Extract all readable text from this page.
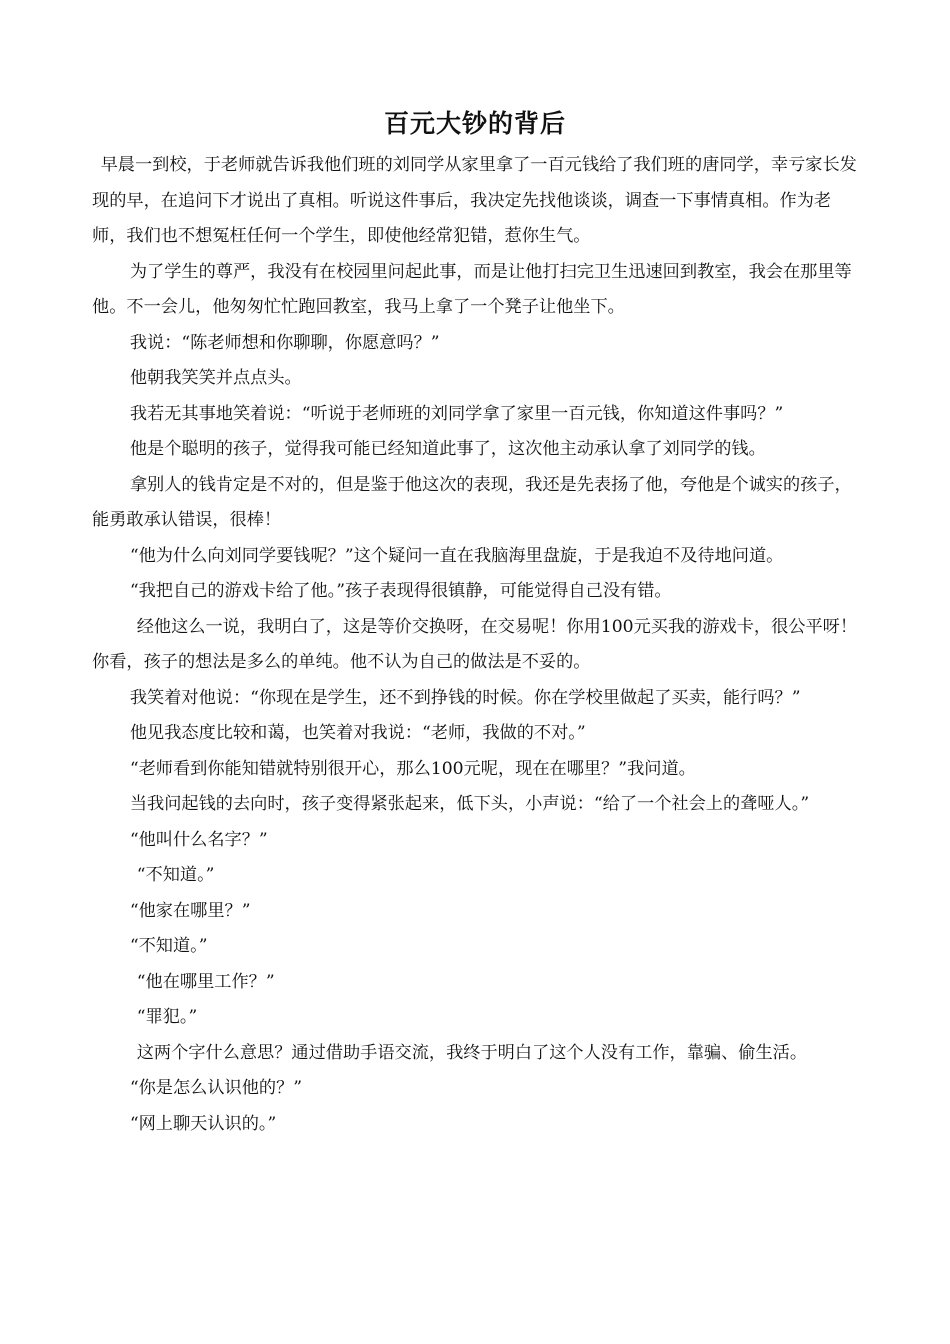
百元大钞的背后

早晨一到校，于老师就告诉我他们班的刘同学从家里拿了一百元钱给了我们班的唐同学，幸亏家长发现的早，在追问下才说出了真相。听说这件事后，我决定先找他谈谈，调查一下事情真相。作为老师，我们也不想冤枉任何一个学生，即使他经常犯错，惹你生气。

为了学生的尊严，我没有在校园里问起此事，而是让他打扫完卫生迅速回到教室，我会在那里等他。不一会儿，他匆匆忙忙跑回教室，我马上拿了一个凳子让他坐下。

我说：“陈老师想和你聊聊，你愿意吗？”

他朝我笑笑并点点头。

我若无其事地笑着说：“听说于老师班的刘同学拿了家里一百元钱，你知道这件事吗？”

他是个聪明的孩子，觉得我可能已经知道此事了，这次他主动承认拿了刘同学的钱。

拿别人的钱肯定是不对的，但是鉴于他这次的表现，我还是先表扬了他，夸他是个诚实的孩子，能勇敢承认错误，很棒！

“他为什么向刘同学要钱呢？”这个疑问一直在我脑海里盘旋，于是我迫不及待地问道。

“我把自己的游戏卡给了他。”孩子表现得很镇静，可能觉得自己没有错。

经他这么一说，我明白了，这是等价交换呀，在交易呢！你用100元买我的游戏卡，很公平呀！你看，孩子的想法是多么的单纯。他不认为自己的做法是不妥的。

我笑着对他说：“你现在是学生，还不到挣钱的时候。你在学校里做起了买卖，能行吗？”

他见我态度比较和蔼，也笑着对我说：“老师，我做的不对。”

“老师看到你能知错就特别很开心，那么100元呢，现在在哪里？”我问道。

当我问起钱的去向时，孩子变得紧张起来，低下头，小声说：“给了一个社会上的聋哑人。”

“他叫什么名字？”

“不知道。”

“他家在哪里？”

“不知道。”

“他在哪里工作？”

“罪犯。”

这两个字什么意思？通过借助手语交流，我终于明白了这个人没有工作，靠骗、偷生活。

“你是怎么认识他的？”

“网上聊天认识的。”
